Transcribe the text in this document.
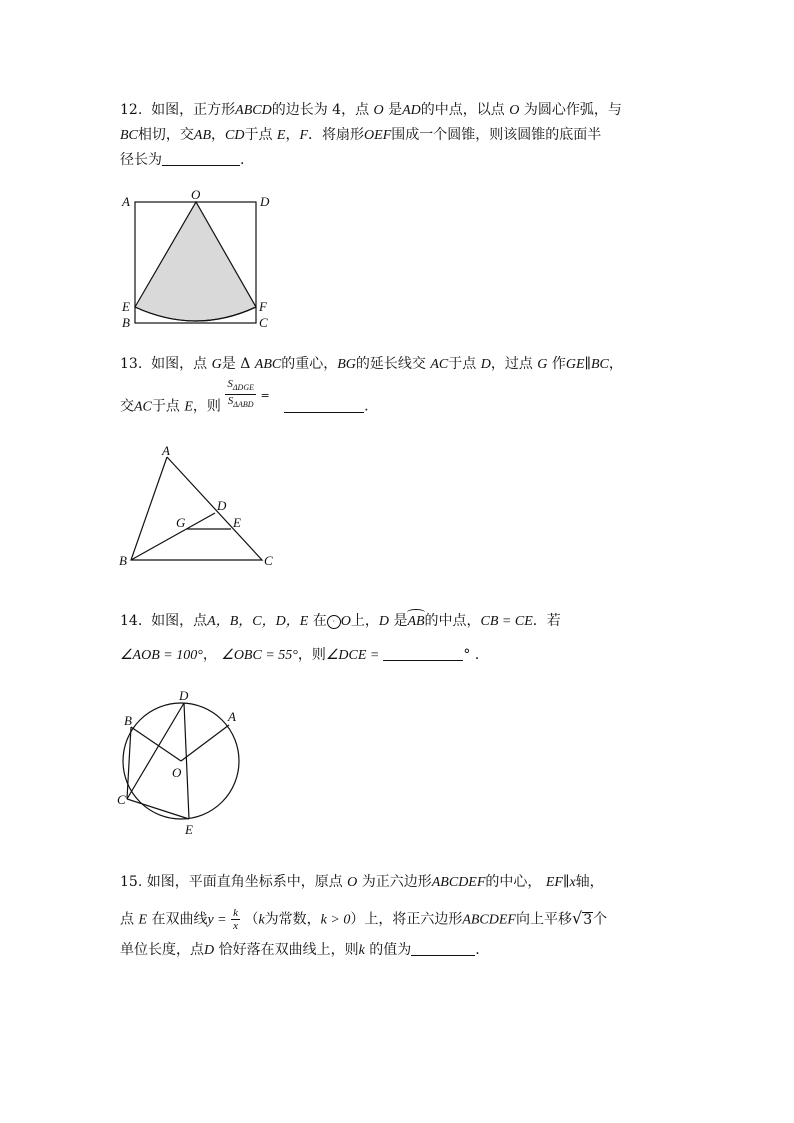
12. 如图，正方形ABCD的边长为 4，点 O 是AD的中点，以点 O 为圆心作弧，与
BC相切，交AB，CD于点 E，F．将扇形OEF围成一个圆锥，则该圆锥的底面半
径长为	.
A	O	D
E	F
B	C
13. 如图，点 G是 Δ ABC的重心，BG的延长线交 AC于点 D，过点 G 作GE∥BC，
交AC于点 E，则 $\frac{S_{\Delta DGE}}{S_{\Delta ABD}} ^=$ .
A
D
G	E
B	C
14. 如图，点A，B，C，D，E 在 · O上，D 是AB的中点，CB = CE．若
∠AOB = 100°， ∠OBC = 55°，则∠DCE =	° ．
B
D
A
O
C
E
15. 如图，平面直角坐标系中，原点 O 为正六边形ABCDEF的中心， EF∥x轴，
点 E 在双曲线$y = \frac{k}{x} (k$为常数，k > 0）上，将正六边形ABCDEF向上平移√3个
单位长度，点D 恰好落在双曲线上，则k 的值为	.
